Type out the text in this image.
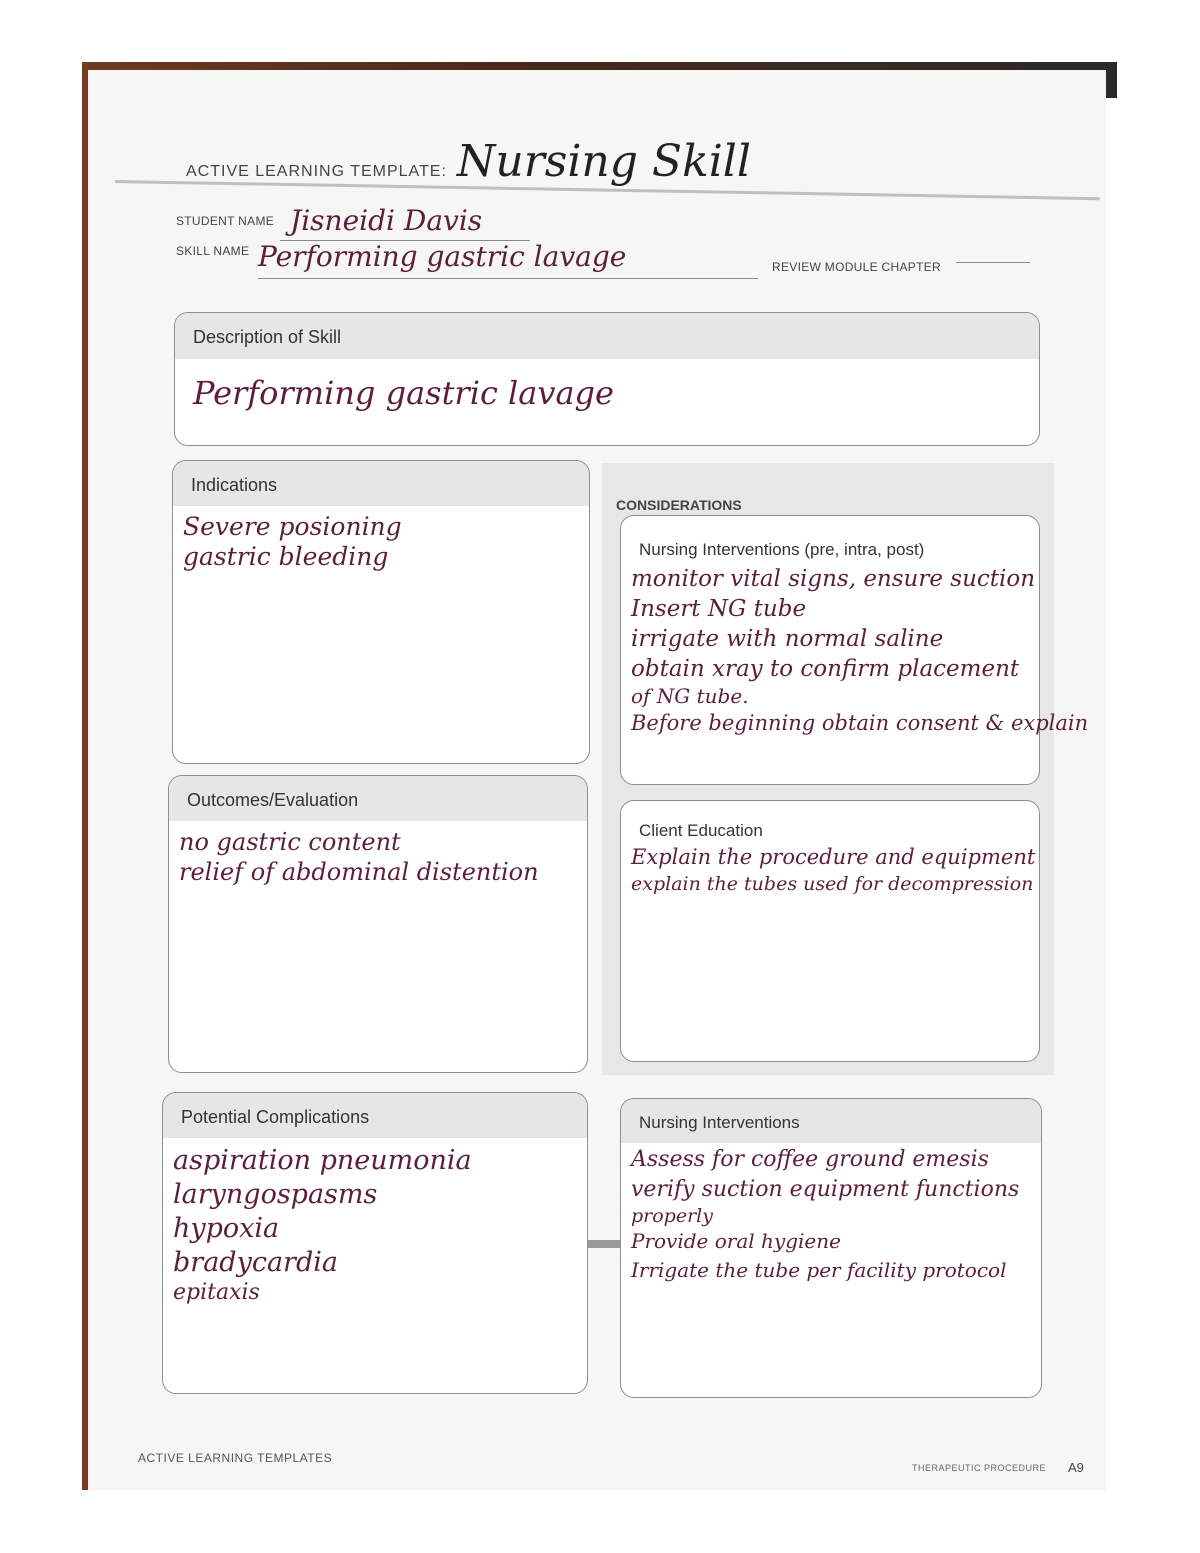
ACTIVE LEARNING TEMPLATE: Nursing Skill
STUDENT NAME Jisneidi Davis
SKILL NAME Performing gastric lavage	REVIEW MODULE CHAPTER
Description of Skill
Performing gastric lavage
Indications
Severe posioning
gastric bleeding
CONSIDERATIONS
Nursing Interventions (pre, intra, post)
monitor vital signs, ensure suction
Insert NG tube
irrigate with normal saline
obtain xray to confirm placement
of NG tube.
Before beginning obtain consent & explain
Outcomes/Evaluation
no gastric content
relief of abdominal distention
Client Education
Explain the procedure and equipment
explain the tubes used for decompression
Potential Complications
aspiration pneumonia
laryngospasms
hypoxia
bradycardia
epitaxis
Nursing Interventions
Assess for coffee ground emesis
verify suction equipment functions
properly
Provide oral hygiene
Irrigate the tube per facility protocol
ACTIVE LEARNING TEMPLATES
THERAPEUTIC PROCEDURE A9
